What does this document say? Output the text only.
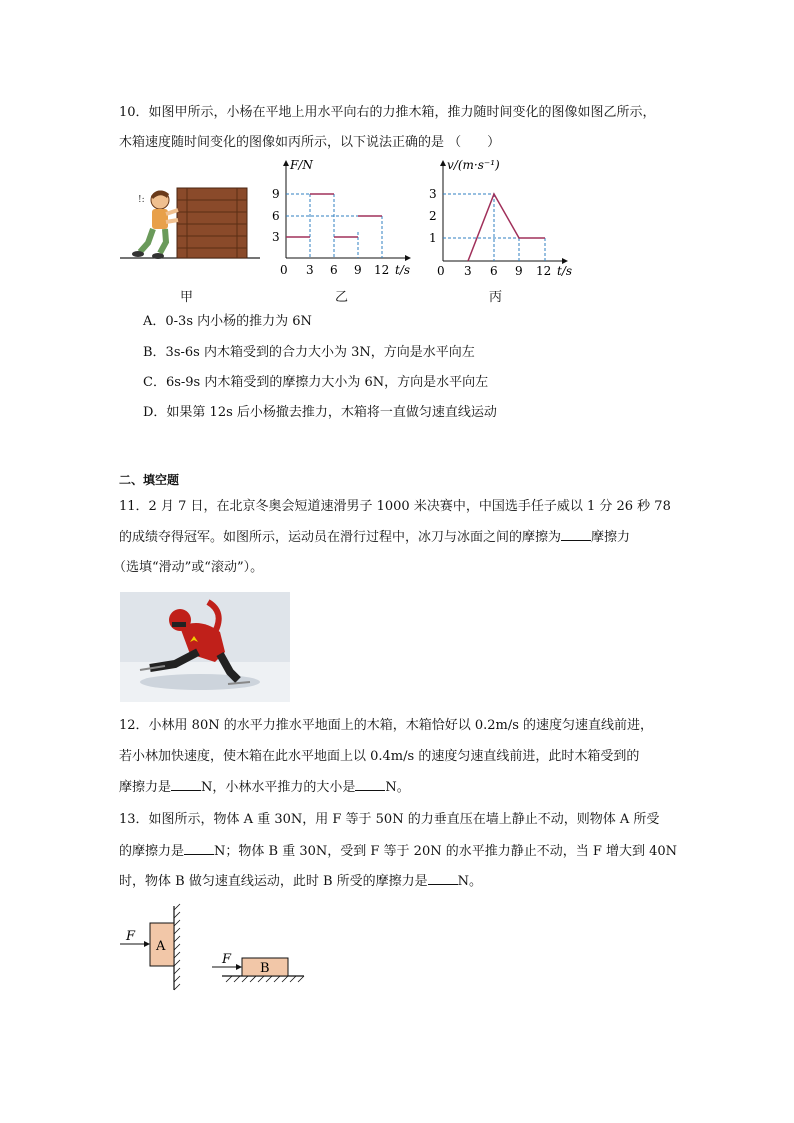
10．如图甲所示，小杨在平地上用水平向右的力推木箱，推力随时间变化的图像如图乙所示，
木箱速度随时间变化的图像如丙所示，以下说法正确的是 （　　）
!:
甲
F/N
9
6
3
0 3 6 9 12 t/s
乙
v/(m·s⁻¹)
3
2
1
0 3 6 9 12 t/s
丙
A．0-3s 内小杨的推力为 6N
B．3s-6s 内木箱受到的合力大小为 3N，方向是水平向左
C．6s-9s 内木箱受到的摩擦力大小为 6N，方向是水平向左
D．如果第 12s 后小杨撤去推力，木箱将一直做匀速直线运动
二、填空题
11．2 月 7 日，在北京冬奥会短道速滑男子 1000 米决赛中，中国选手任子威以 1 分 26 秒 78
的成绩夺得冠军。如图所示，运动员在滑行过程中，冰刀与冰面之间的摩擦为 摩擦力
（选填“滑动”或“滚动”）。
12．小林用 80N 的水平力推水平地面上的木箱，木箱恰好以 0.2m/s 的速度匀速直线前进，
若小林加快速度，使木箱在此水平地面上以 0.4m/s 的速度匀速直线前进，此时木箱受到的
摩擦力是 N，小林水平推力的大小是 N。
13．如图所示，物体 A 重 30N，用 F 等于 50N 的力垂直压在墙上静止不动，则物体 A 所受
的摩擦力是 N；物体 B 重 30N，受到 F 等于 20N 的水平推力静止不动，当 F 增大到 40N
时，物体 B 做匀速直线运动，此时 B 所受的摩擦力是 N。
A
F
B
F
